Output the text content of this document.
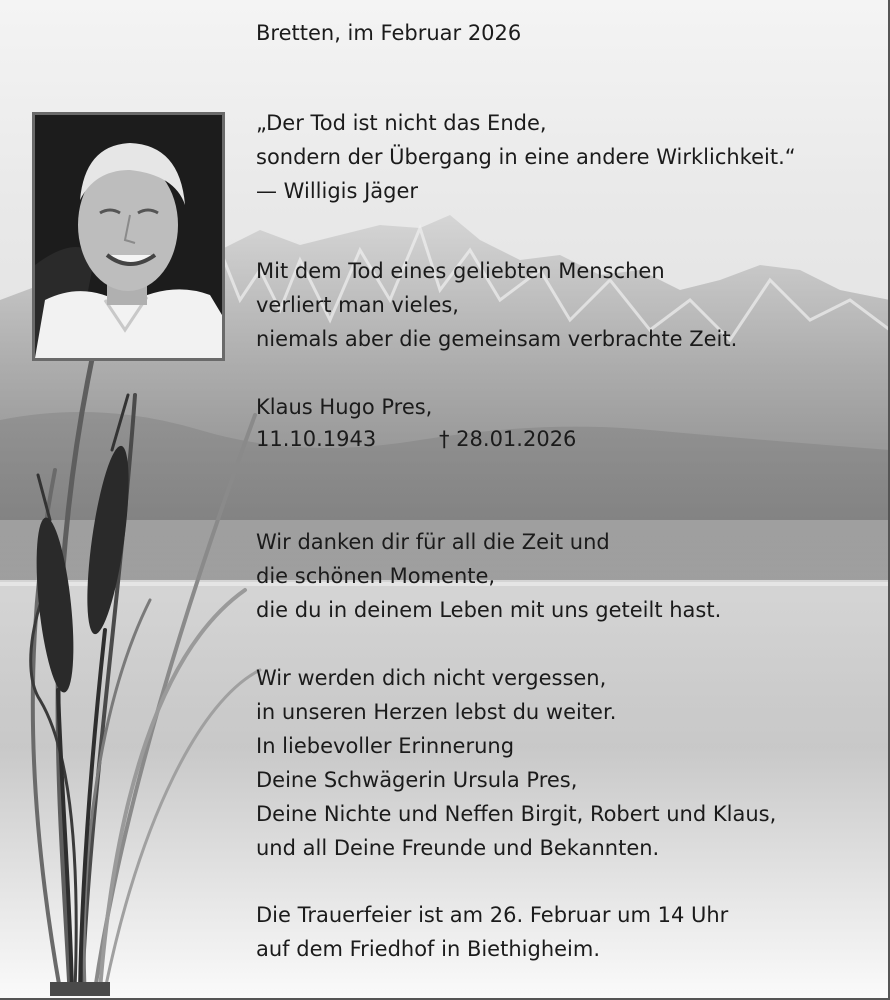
Bretten, im Februar 2026
„Der Tod ist nicht das Ende,
sondern der Übergang in eine andere Wirklichkeit.“
— Willigis Jäger
Mit dem Tod eines geliebten Menschen
verliert man vieles,
niemals aber die gemeinsam verbrachte Zeit.
Klaus Hugo Pres,
11.10.1943	† 28.01.2026
Wir danken dir für all die Zeit und
die schönen Momente,
die du in deinem Leben mit uns geteilt hast.
Wir werden dich nicht vergessen,
in unseren Herzen lebst du weiter.
In liebevoller Erinnerung
Deine Schwägerin Ursula Pres,
Deine Nichte und Neffen Birgit, Robert und Klaus,
und all Deine Freunde und Bekannten.
Die Trauerfeier ist am 26. Februar um 14 Uhr
auf dem Friedhof in Biethigheim.
